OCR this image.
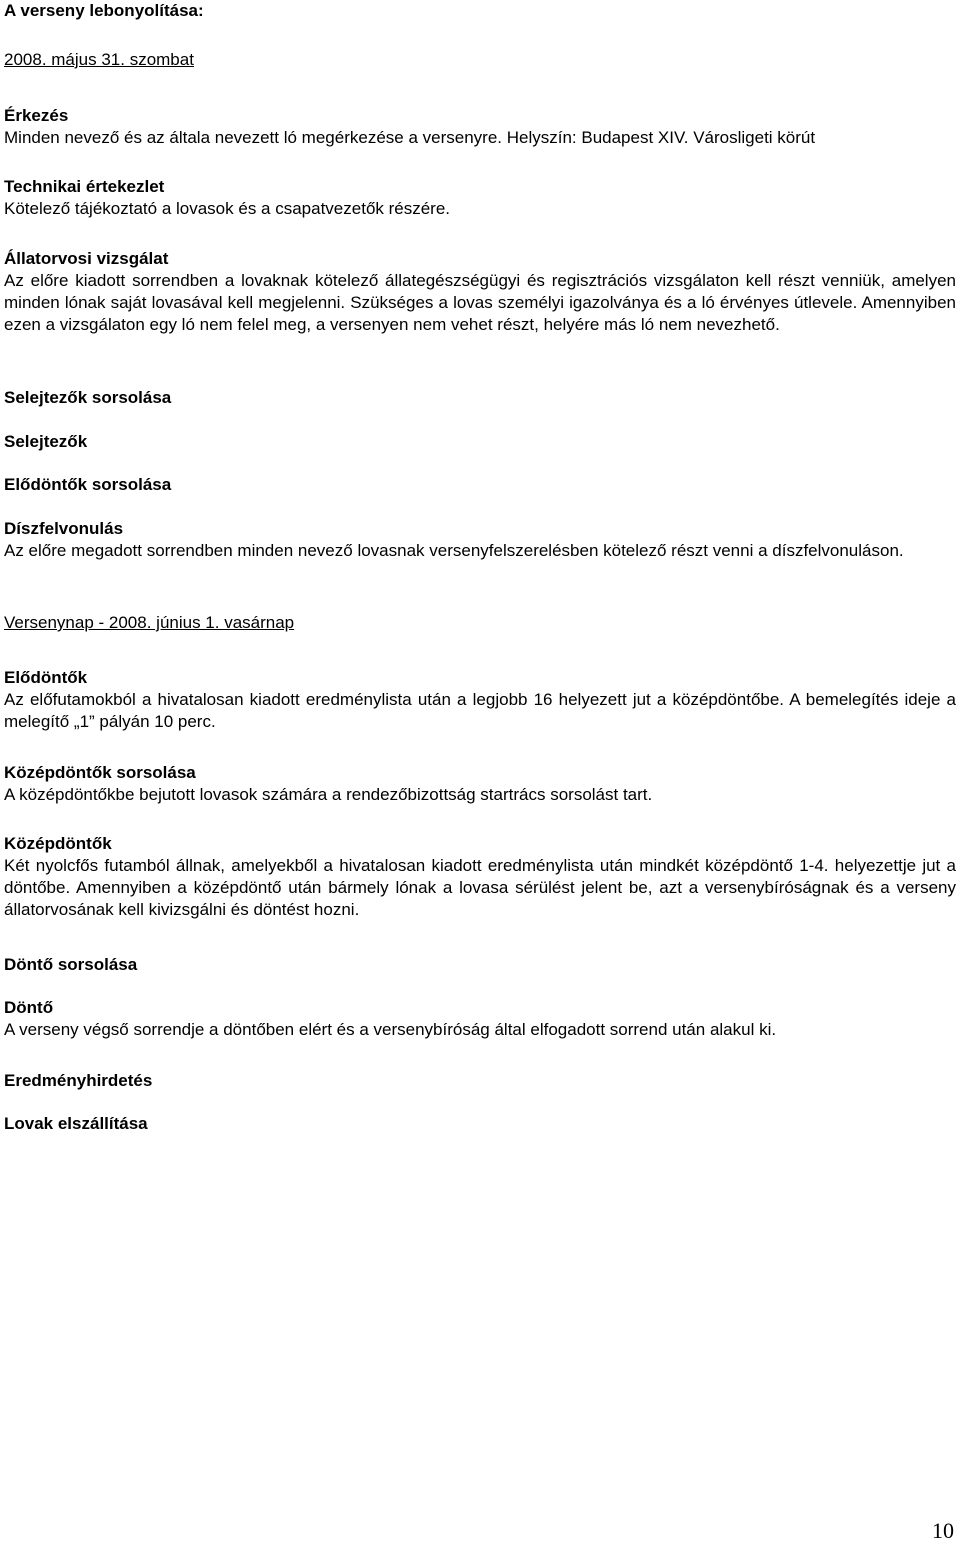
A verseny lebonyolítása:

2008. május 31. szombat

Érkezés

Minden nevező és az általa nevezett ló megérkezése a versenyre. Helyszín: Budapest XIV. Városligeti körút

Technikai értekezlet

Kötelező tájékoztató a lovasok és a csapatvezetők részére.

Állatorvosi vizsgálat

Az előre kiadott sorrendben a lovaknak kötelező állategészségügyi és regisztrációs vizsgálaton kell részt venniük, amelyen minden lónak saját lovasával kell megjelenni. Szükséges a lovas személyi igazolványa és a ló érvényes útlevele. Amennyiben ezen a vizsgálaton egy ló nem felel meg, a versenyen nem vehet részt, helyére más ló nem nevezhető.

Selejtezők sorsolása

Selejtezők

Elődöntők sorsolása

Díszfelvonulás

Az előre megadott sorrendben minden nevező lovasnak versenyfelszerelésben kötelező részt venni a díszfelvonuláson.

Versenynap - 2008. június 1. vasárnap

Elődöntők

Az előfutamokból a hivatalosan kiadott eredménylista után a legjobb 16 helyezett jut a középdöntőbe. A bemelegítés ideje a melegítő „1” pályán 10 perc.

Középdöntők sorsolása

A középdöntőkbe bejutott lovasok számára a rendezőbizottság startrács sorsolást tart.

Középdöntők

Két nyolcfős futamból állnak, amelyekből a hivatalosan kiadott eredménylista után mindkét középdöntő 1-4. helyezettje jut a döntőbe. Amennyiben a középdöntő után bármely lónak a lovasa sérülést jelent be, azt a versenybíróságnak és a verseny állatorvosának kell kivizsgálni és döntést hozni.

Döntő sorsolása

Döntő

A verseny végső sorrendje a döntőben elért és a versenybíróság által elfogadott sorrend után alakul ki.

Eredményhirdetés

Lovak elszállítása

10
